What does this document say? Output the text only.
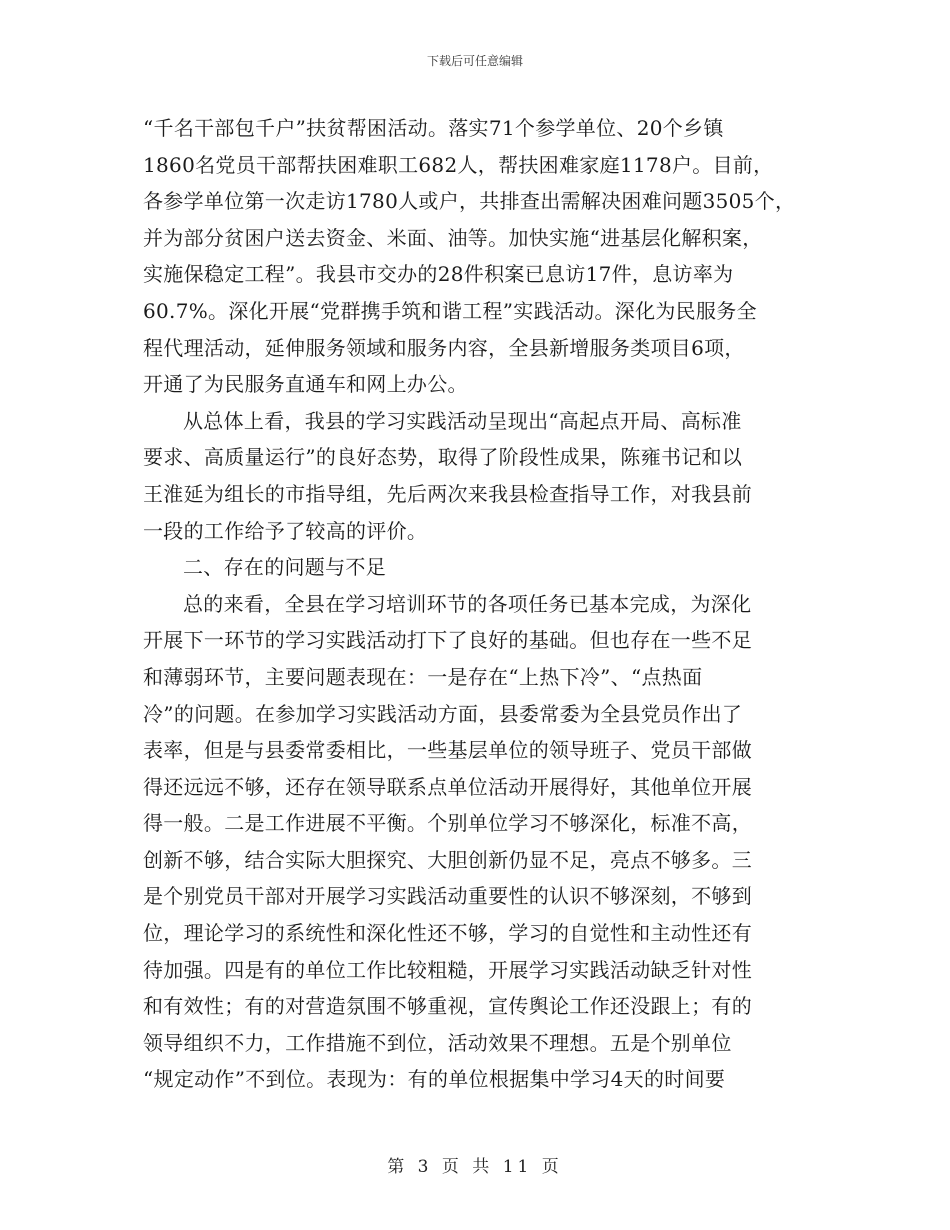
下载后可任意编辑
“千名干部包千户”扶贫帮困活动。落实71个参学单位、20个乡镇
1860名党员干部帮扶困难职工682人，帮扶困难家庭1178户。目前，
各参学单位第一次走访1780人或户，共排查出需解决困难问题3505个，
并为部分贫困户送去资金、米面、油等。加快实施“进基层化解积案，
实施保稳定工程”。我县市交办的28件积案已息访17件，息访率为
60.7%。深化开展“党群携手筑和谐工程”实践活动。深化为民服务全
程代理活动，延伸服务领域和服务内容，全县新增服务类项目6项，
开通了为民服务直通车和网上办公。
从总体上看，我县的学习实践活动呈现出“高起点开局、高标准
要求、高质量运行”的良好态势，取得了阶段性成果，陈雍书记和以
王淮延为组长的市指导组，先后两次来我县检查指导工作，对我县前
一段的工作给予了较高的评价。
二、存在的问题与不足
总的来看，全县在学习培训环节的各项任务已基本完成，为深化
开展下一环节的学习实践活动打下了良好的基础。但也存在一些不足
和薄弱环节，主要问题表现在：一是存在“上热下冷”、“点热面
冷”的问题。在参加学习实践活动方面，县委常委为全县党员作出了
表率，但是与县委常委相比，一些基层单位的领导班子、党员干部做
得还远远不够，还存在领导联系点单位活动开展得好，其他单位开展
得一般。二是工作进展不平衡。个别单位学习不够深化，标准不高，
创新不够，结合实际大胆探究、大胆创新仍显不足，亮点不够多。三
是个别党员干部对开展学习实践活动重要性的认识不够深刻，不够到
位，理论学习的系统性和深化性还不够，学习的自觉性和主动性还有
待加强。四是有的单位工作比较粗糙，开展学习实践活动缺乏针对性
和有效性；有的对营造氛围不够重视，宣传舆论工作还没跟上；有的
领导组织不力，工作措施不到位，活动效果不理想。五是个别单位
“规定动作”不到位。表现为：有的单位根据集中学习4天的时间要
第 3 页 共 11 页
